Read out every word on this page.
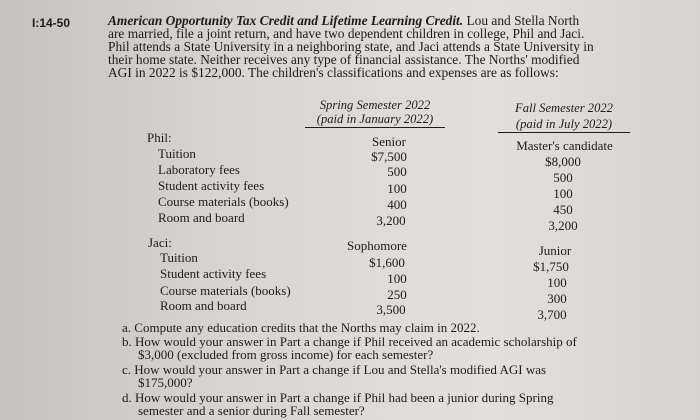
I:14-50	American Opportunity Tax Credit and Lifetime Learning Credit. Lou and Stella North
are married, file a joint return, and have two dependent children in college, Phil and Jaci.
Phil attends a State University in a neighboring state, and Jaci attends a State University in
their home state. Neither receives any type of financial assistance. The Norths' modified
AGI in 2022 is $122,000. The children's classifications and expenses are as follows:
Spring Semester 2022
(paid in January 2022)
Fall Semester 2022
(paid in July 2022)
Phil:	Senior	Master's candidate
Tuition	$7,500	$8,000
Laboratory fees	500	500
Student activity fees	100	100
Course materials (books)	400	450
Room and board	3,200	3,200
Jaci:	Sophomore	Junior
Tuition	$1,600	$1,750
Student activity fees	100	100
Course materials (books)	250	300
Room and board	3,500	3,700
a. Compute any education credits that the Norths may claim in 2022.
b. How would your answer in Part a change if Phil received an academic scholarship of
$3,000 (excluded from gross income) for each semester?
c. How would your answer in Part a change if Lou and Stella's modified AGI was
$175,000?
d. How would your answer in Part a change if Phil had been a junior during Spring
semester and a senior during Fall semester?
